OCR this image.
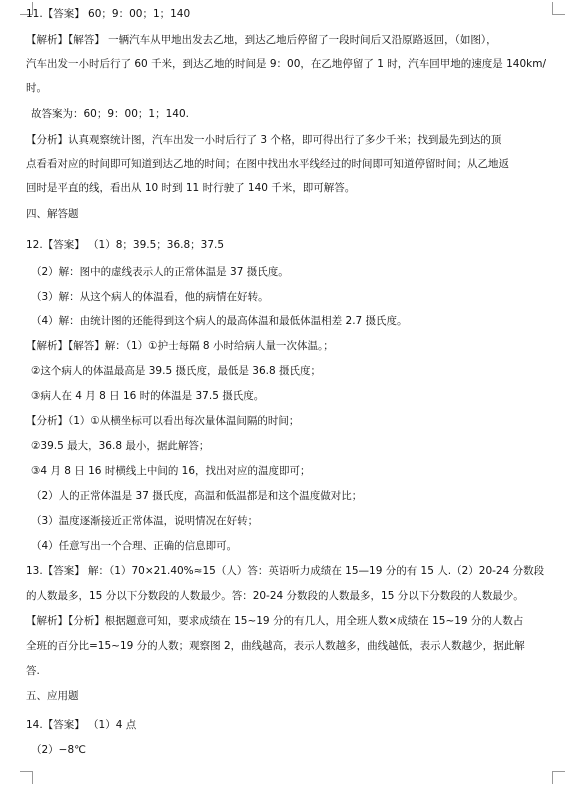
11.【答案】 60；9：00；1；140
【解析】【解答】 一辆汽车从甲地出发去乙地，到达乙地后停留了一段时间后又沿原路返回，（如图），
汽车出发一小时后行了 60 千米，到达乙地的时间是 9：00，在乙地停留了 1 时，汽车回甲地的速度是 140km/
时。
故答案为：60；9：00；1；140.
【分析】认真观察统计图，汽车出发一小时后行了 3 个格，即可得出行了多少千米；找到最先到达的顶
点看看对应的时间即可知道到达乙地的时间；在图中找出水平线经过的时间即可知道停留时间；从乙地返
回时是平直的线，看出从 10 时到 11 时行驶了 140 千米，即可解答。
四、解答题
12.【答案】 （1）8；39.5；36.8；37.5
（2）解：图中的虚线表示人的正常体温是 37 摄氏度。
（3）解：从这个病人的体温看，他的病情在好转。
（4）解：由统计图的还能得到这个病人的最高体温和最低体温相差 2.7 摄氏度。
【解析】【解答】解：（1）①护士每隔 8 小时给病人量一次体温。；
②这个病人的体温最高是 39.5 摄氏度，最低是 36.8 摄氏度；
③病人在 4 月 8 日 16 时的体温是 37.5 摄氏度。
【分析】（1）①从横坐标可以看出每次量体温间隔的时间；
②39.5 最大，36.8 最小，据此解答；
③4 月 8 日 16 时横线上中间的 16，找出对应的温度即可；
（2）人的正常体温是 37 摄氏度，高温和低温都是和这个温度做对比；
（3）温度逐渐接近正常体温，说明情况在好转；
（4）任意写出一个合理、正确的信息即可。
13.【答案】 解：（1）70×21.40%≈15（人）答：英语听力成绩在 15—19 分的有 15 人.（2）20-24 分数段
的人数最多，15 分以下分数段的人数最少。答：20-24 分数段的人数最多，15 分以下分数段的人数最少。
【解析】【分析】根据题意可知，要求成绩在 15~19 分的有几人，用全班人数×成绩在 15~19 分的人数占
全班的百分比=15~19 分的人数；观察图 2，曲线越高，表示人数越多，曲线越低，表示人数越少，据此解
答.
五、应用题
14.【答案】 （1）4 点
（2）−8℃
